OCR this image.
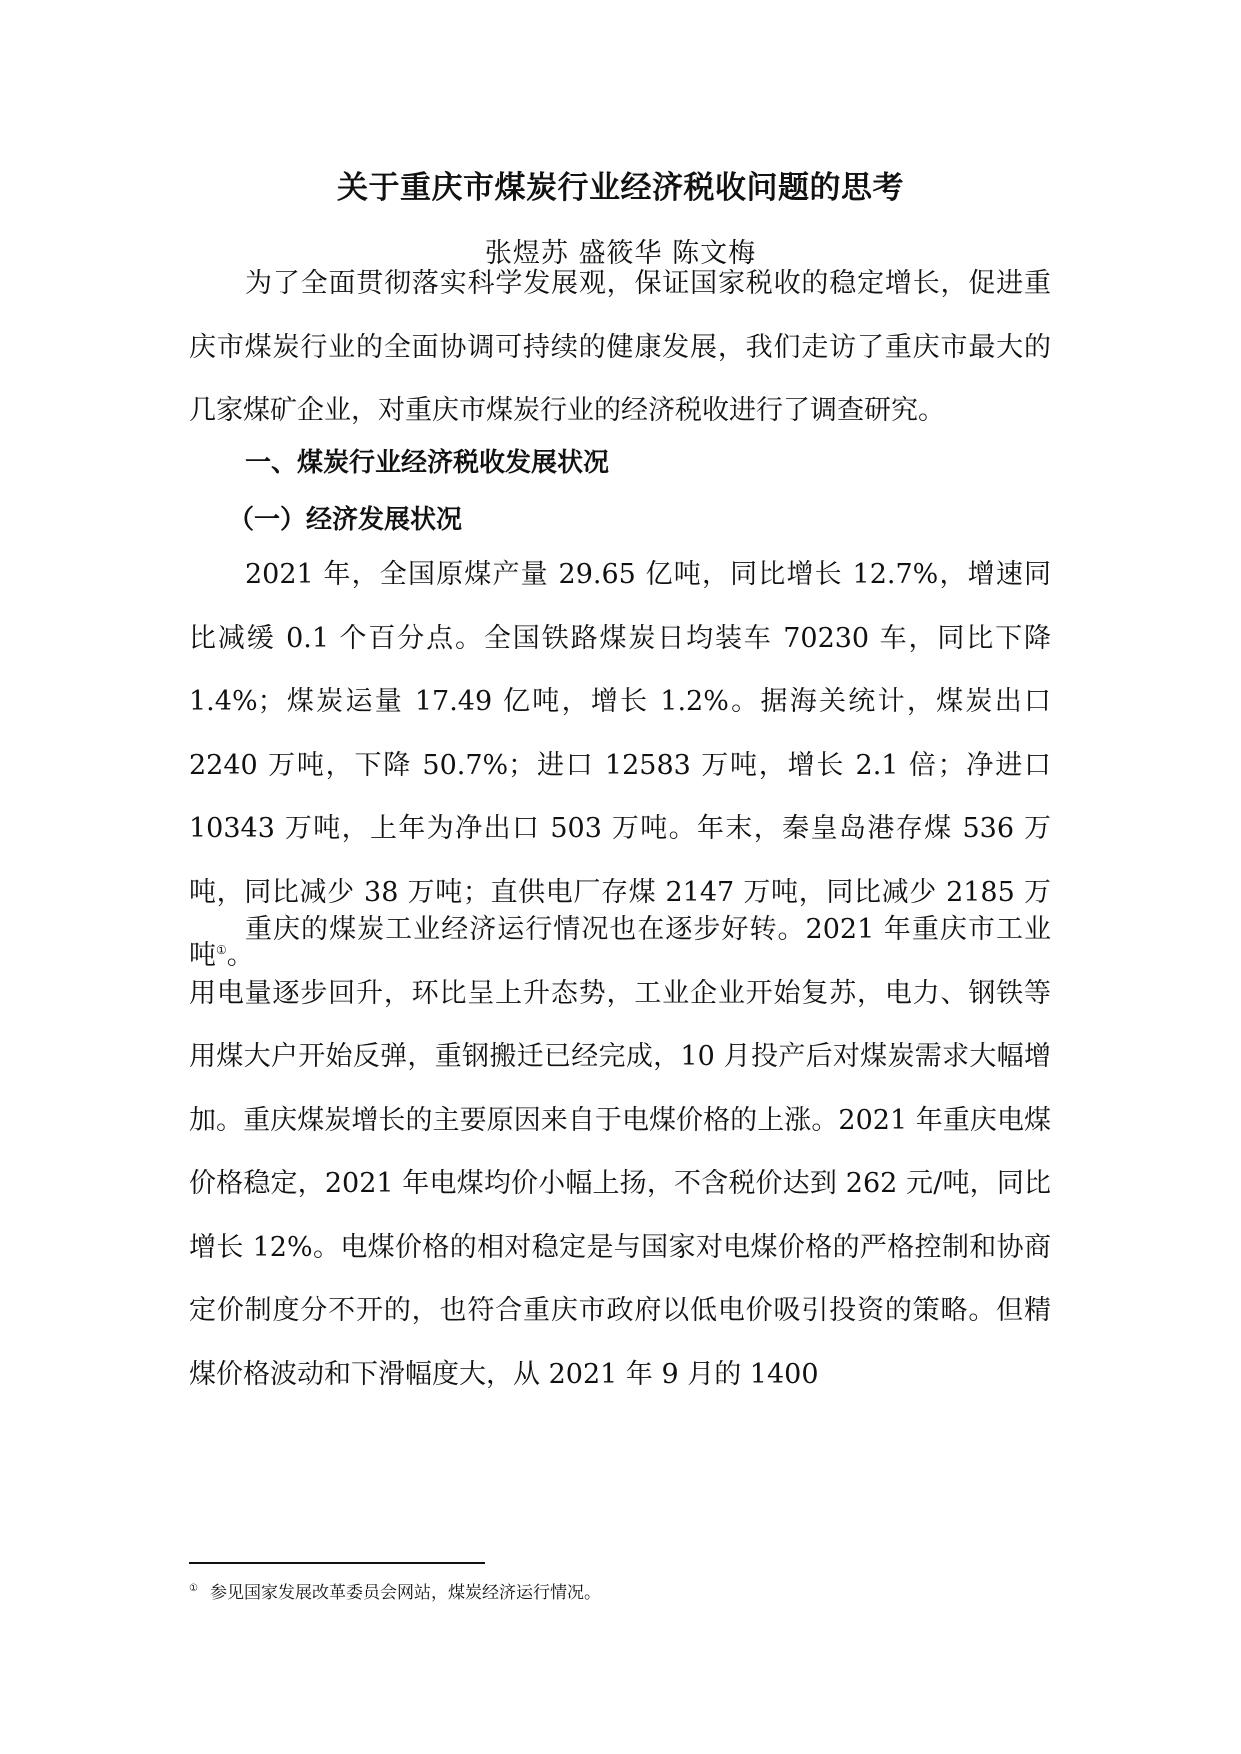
关于重庆市煤炭行业经济税收问题的思考
张煜苏 盛筱华 陈文梅

为了全面贯彻落实科学发展观，保证国家税收的稳定增长，促进重庆市煤炭行业的全面协调可持续的健康发展，我们走访了重庆市最大的几家煤矿企业，对重庆市煤炭行业的经济税收进行了调查研究。

一、煤炭行业经济税收发展状况
（一）经济发展状况

2021 年，全国原煤产量 29.65 亿吨，同比增长 12.7%，增速同比减缓 0.1 个百分点。全国铁路煤炭日均装车 70230 车，同比下降 1.4%；煤炭运量 17.49 亿吨，增长 1.2%。据海关统计，煤炭出口 2240 万吨，下降 50.7%；进口 12583 万吨，增长 2.1 倍；净进口 10343 万吨，上年为净出口 503 万吨。年末，秦皇岛港存煤 536 万吨，同比减少 38 万吨；直供电厂存煤 2147 万吨，同比减少 2185 万吨①。

重庆的煤炭工业经济运行情况也在逐步好转。2021 年重庆市工业用电量逐步回升，环比呈上升态势，工业企业开始复苏，电力、钢铁等用煤大户开始反弹，重钢搬迁已经完成，10 月投产后对煤炭需求大幅增加。重庆煤炭增长的主要原因来自于电煤价格的上涨。2021 年重庆电煤价格稳定，2021 年电煤均价小幅上扬，不含税价达到 262 元/吨，同比增长 12%。电煤价格的相对稳定是与国家对电煤价格的严格控制和协商定价制度分不开的，也符合重庆市政府以低电价吸引投资的策略。但精煤价格波动和下滑幅度大，从 2021 年 9 月的 1400

① 参见国家发展改革委员会网站，煤炭经济运行情况。
